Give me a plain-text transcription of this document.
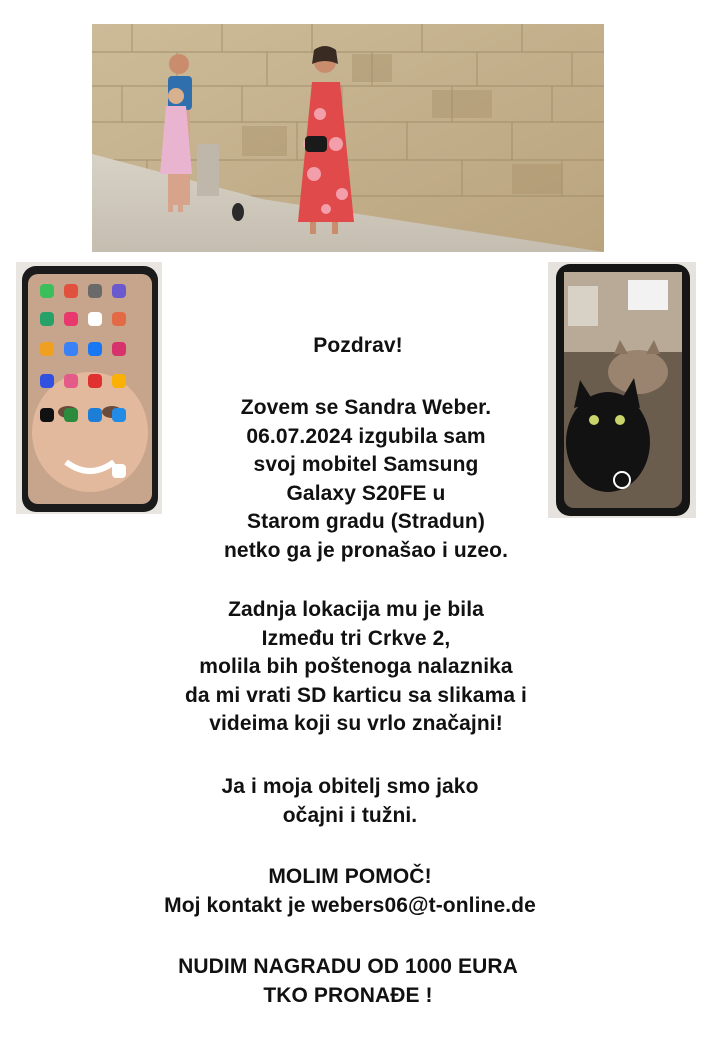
Pozdrav!
Zovem se Sandra Weber.
06.07.2024 izgubila sam
svoj mobitel Samsung
Galaxy S20FE u
Starom gradu (Stradun)
netko ga je pronašao i uzeo.
Zadnja lokacija mu je bila
Između tri Crkve 2,
molila bih poštenoga nalaznika
da mi vrati SD karticu sa slikama i
videima koji su vrlo značajni!
Ja i moja obitelj smo jako
očajni i tužni.
MOLIM POMOČ!
Moj kontakt je webers06@t-online.de
NUDIM NAGRADU OD 1000 EURA
TKO PRONAĐE !
